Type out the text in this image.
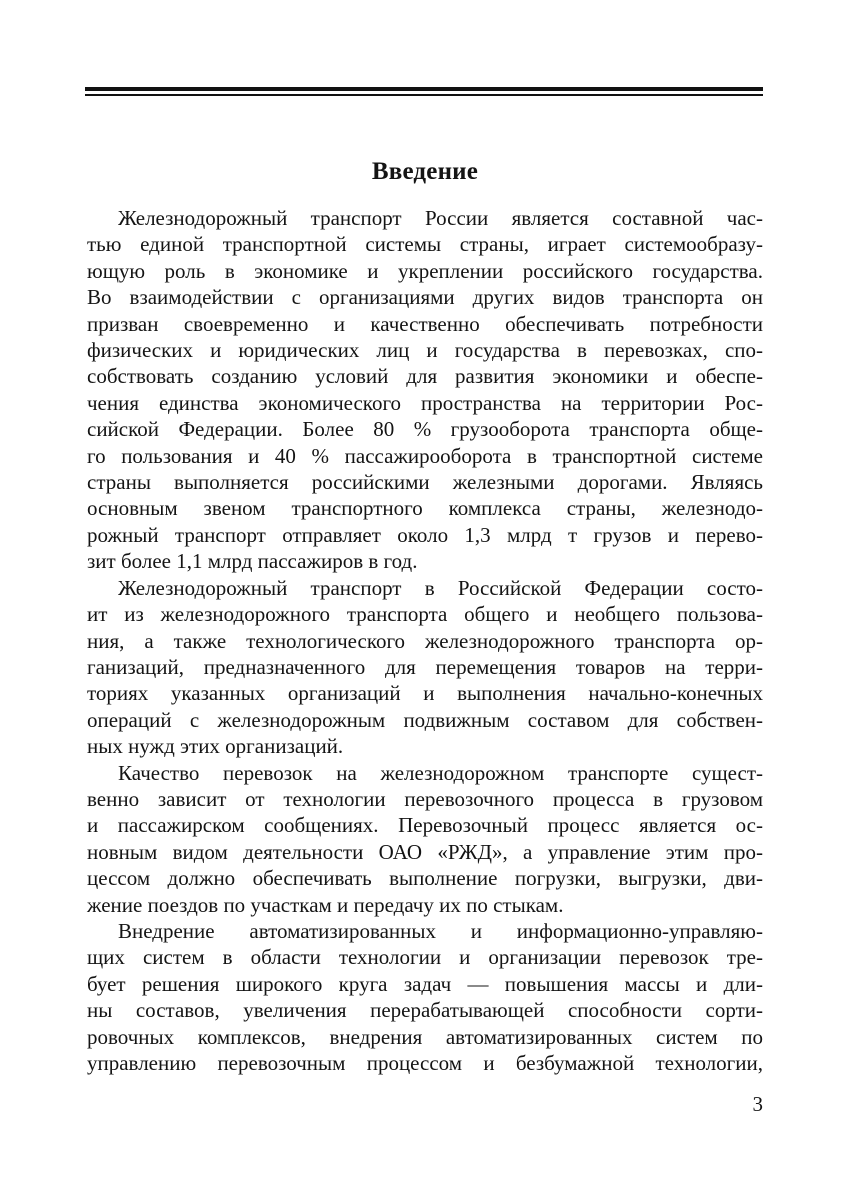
Введение
Железнодорожный транспорт России является составной час-
тью единой транспортной системы страны, играет системообразу-
ющую роль в экономике и укреплении российского государства.
Во взаимодействии с организациями других видов транспорта он
призван своевременно и качественно обеспечивать потребности
физических и юридических лиц и государства в перевозках, спо-
собствовать созданию условий для развития экономики и обеспе-
чения единства экономического пространства на территории Рос-
сийской Федерации. Более 80 % грузооборота транспорта обще-
го пользования и 40 % пассажирооборота в транспортной системе
страны выполняется российскими железными дорогами. Являясь
основным звеном транспортного комплекса страны, железнодо-
рожный транспорт отправляет около 1,3 млрд т грузов и перево-
зит более 1,1 млрд пассажиров в год.
Железнодорожный транспорт в Российской Федерации состо-
ит из железнодорожного транспорта общего и необщего пользова-
ния, а также технологического железнодорожного транспорта ор-
ганизаций, предназначенного для перемещения товаров на терри-
ториях указанных организаций и выполнения начально-конечных
операций с железнодорожным подвижным составом для собствен-
ных нужд этих организаций.
Качество перевозок на железнодорожном транспорте сущест-
венно зависит от технологии перевозочного процесса в грузовом
и пассажирском сообщениях. Перевозочный процесс является ос-
новным видом деятельности ОАО «РЖД», а управление этим про-
цессом должно обеспечивать выполнение погрузки, выгрузки, дви-
жение поездов по участкам и передачу их по стыкам.
Внедрение автоматизированных и информационно-управляю-
щих систем в области технологии и организации перевозок тре-
бует решения широкого круга задач — повышения массы и дли-
ны составов, увеличения перерабатывающей способности сорти-
ровочных комплексов, внедрения автоматизированных систем по
управлению перевозочным процессом и безбумажной технологии,
3
